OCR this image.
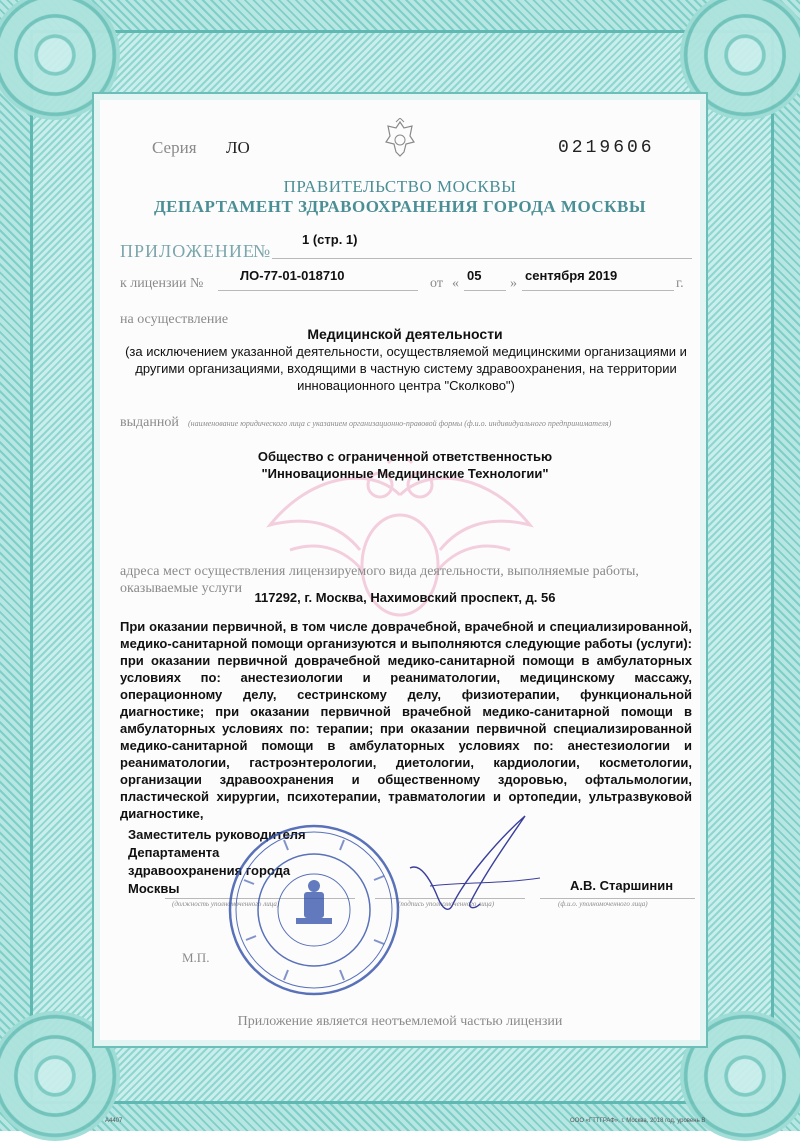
Серия ЛО	0219606
ПРАВИТЕЛЬСТВО МОСКВЫ
ДЕПАРТАМЕНТ ЗДРАВООХРАНЕНИЯ ГОРОДА МОСКВЫ
ПРИЛОЖЕНИЕ
№
1 (стр. 1)
к лицензии №
ЛО-77-01-018710
от «
05
»
сентября 2019
г.
на осуществление
Медицинской деятельности
(за исключением указанной деятельности, осуществляемой медицинскими организациями и другими организациями, входящими в частную систему здравоохранения, на территории инновационного центра "Сколково")
выданной (наименование юридического лица с указанием организационно-правовой формы (ф.и.о. индивидуального предпринимателя)
Общество с ограниченной ответственностью
"Инновационные Медицинские Технологии"
адреса мест осуществления лицензируемого вида деятельности, выполняемые работы, оказываемые услуги
117292, г. Москва, Нахимовский проспект, д. 56
При оказании первичной, в том числе доврачебной, врачебной и специализированной, медико-санитарной помощи организуются и выполняются следующие работы (услуги): при оказании первичной доврачебной медико-санитарной помощи в амбулаторных условиях по: анестезиологии и реаниматологии, медицинскому массажу, операционному делу, сестринскому делу, физиотерапии, функциональной диагностике; при оказании первичной врачебной медико-санитарной помощи в амбулаторных условиях по: терапии; при оказании первичной специализированной медико-санитарной помощи в амбулаторных условиях по: анестезиологии и реаниматологии, гастроэнтерологии, диетологии, кардиологии, косметологии, организации здравоохранения и общественному здоровью, офтальмологии, пластической хирургии, психотерапии, травматологии и ортопедии, ультразвуковой диагностике,
Заместитель руководителя
Департамента
здравоохранения города
Москвы	А.В. Старшинин
(должность уполномоченного лица)	(подпись уполномоченного лица)	(ф.и.о. уполномоченного лица)
М.П.
Приложение является неотъемлемой частью лицензии
А4407	ООО «ГТТГРАФ», г. Москва, 2018 год, уровень В
